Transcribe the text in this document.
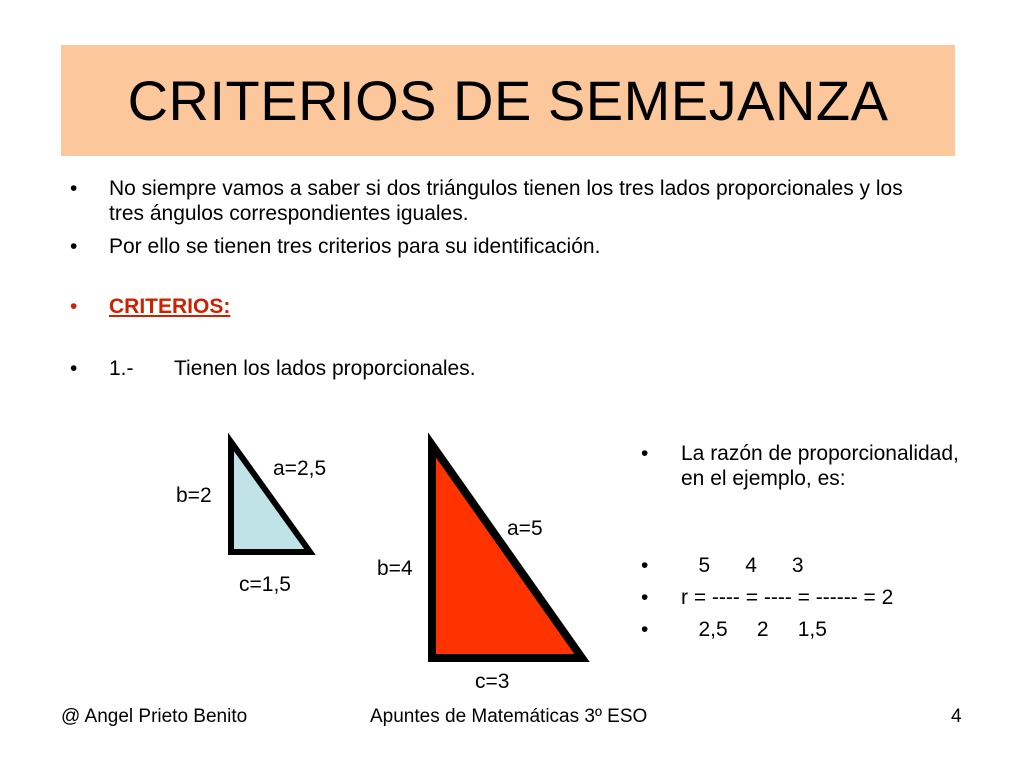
CRITERIOS DE SEMEJANZA
• No siempre vamos a saber si dos triángulos tienen los tres lados proporcionales y los tres ángulos correspondientes iguales.
• Por ello se tienen tres criterios para su identificación.
• CRITERIOS:
• 1.- Tienen los lados proporcionales.
a=2,5
b=2
c=1,5
a=5
b=4
c=3
• La razón de proporcionalidad, en el ejemplo, es:
• 5      4      3
• r = ---- = ---- = ------ = 2
• 2,5     2     1,5
@ Angel Prieto Benito	Apuntes de Matemáticas 3º ESO	4
